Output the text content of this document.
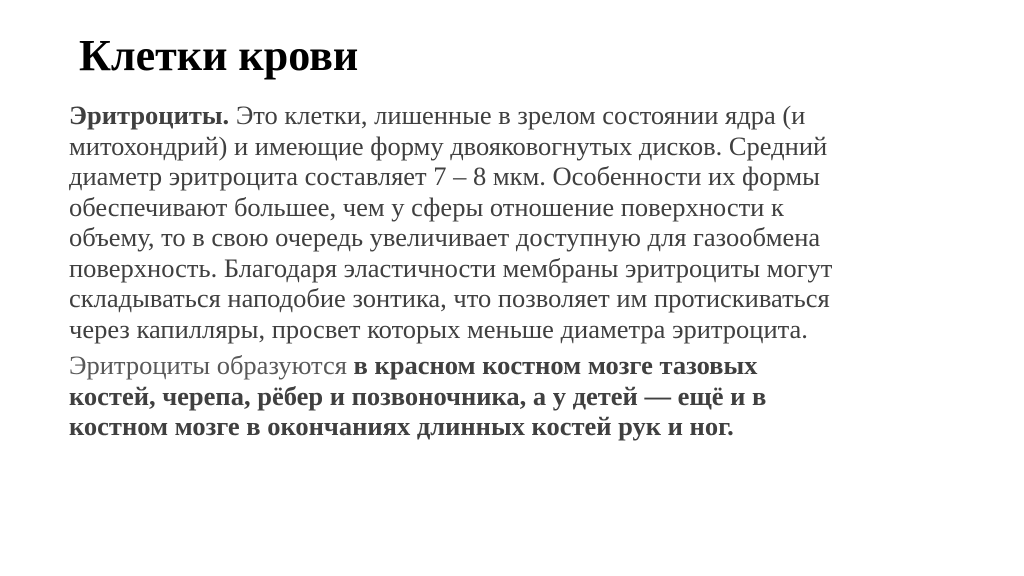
Клетки крови

Эритроциты. Это клетки, лишенные в зрелом состоянии ядра (и
митохондрий) и имеющие форму двояковогнутых дисков. Средний
диаметр эритроцита составляет 7 – 8 мкм. Особенности их формы
обеспечивают большее, чем у сферы отношение поверхности к
объему, то в свою очередь увеличивает доступную для газообмена
поверхность. Благодаря эластичности мембраны эритроциты могут
складываться наподобие зонтика, что позволяет им протискиваться
через капилляры, просвет которых меньше диаметра эритроцита.

Эритроциты образуются в красном костном мозге тазовых
костей, черепа, рёбер и позвоночника, а у детей — ещё и в
костном мозге в окончаниях длинных костей рук и ног.
